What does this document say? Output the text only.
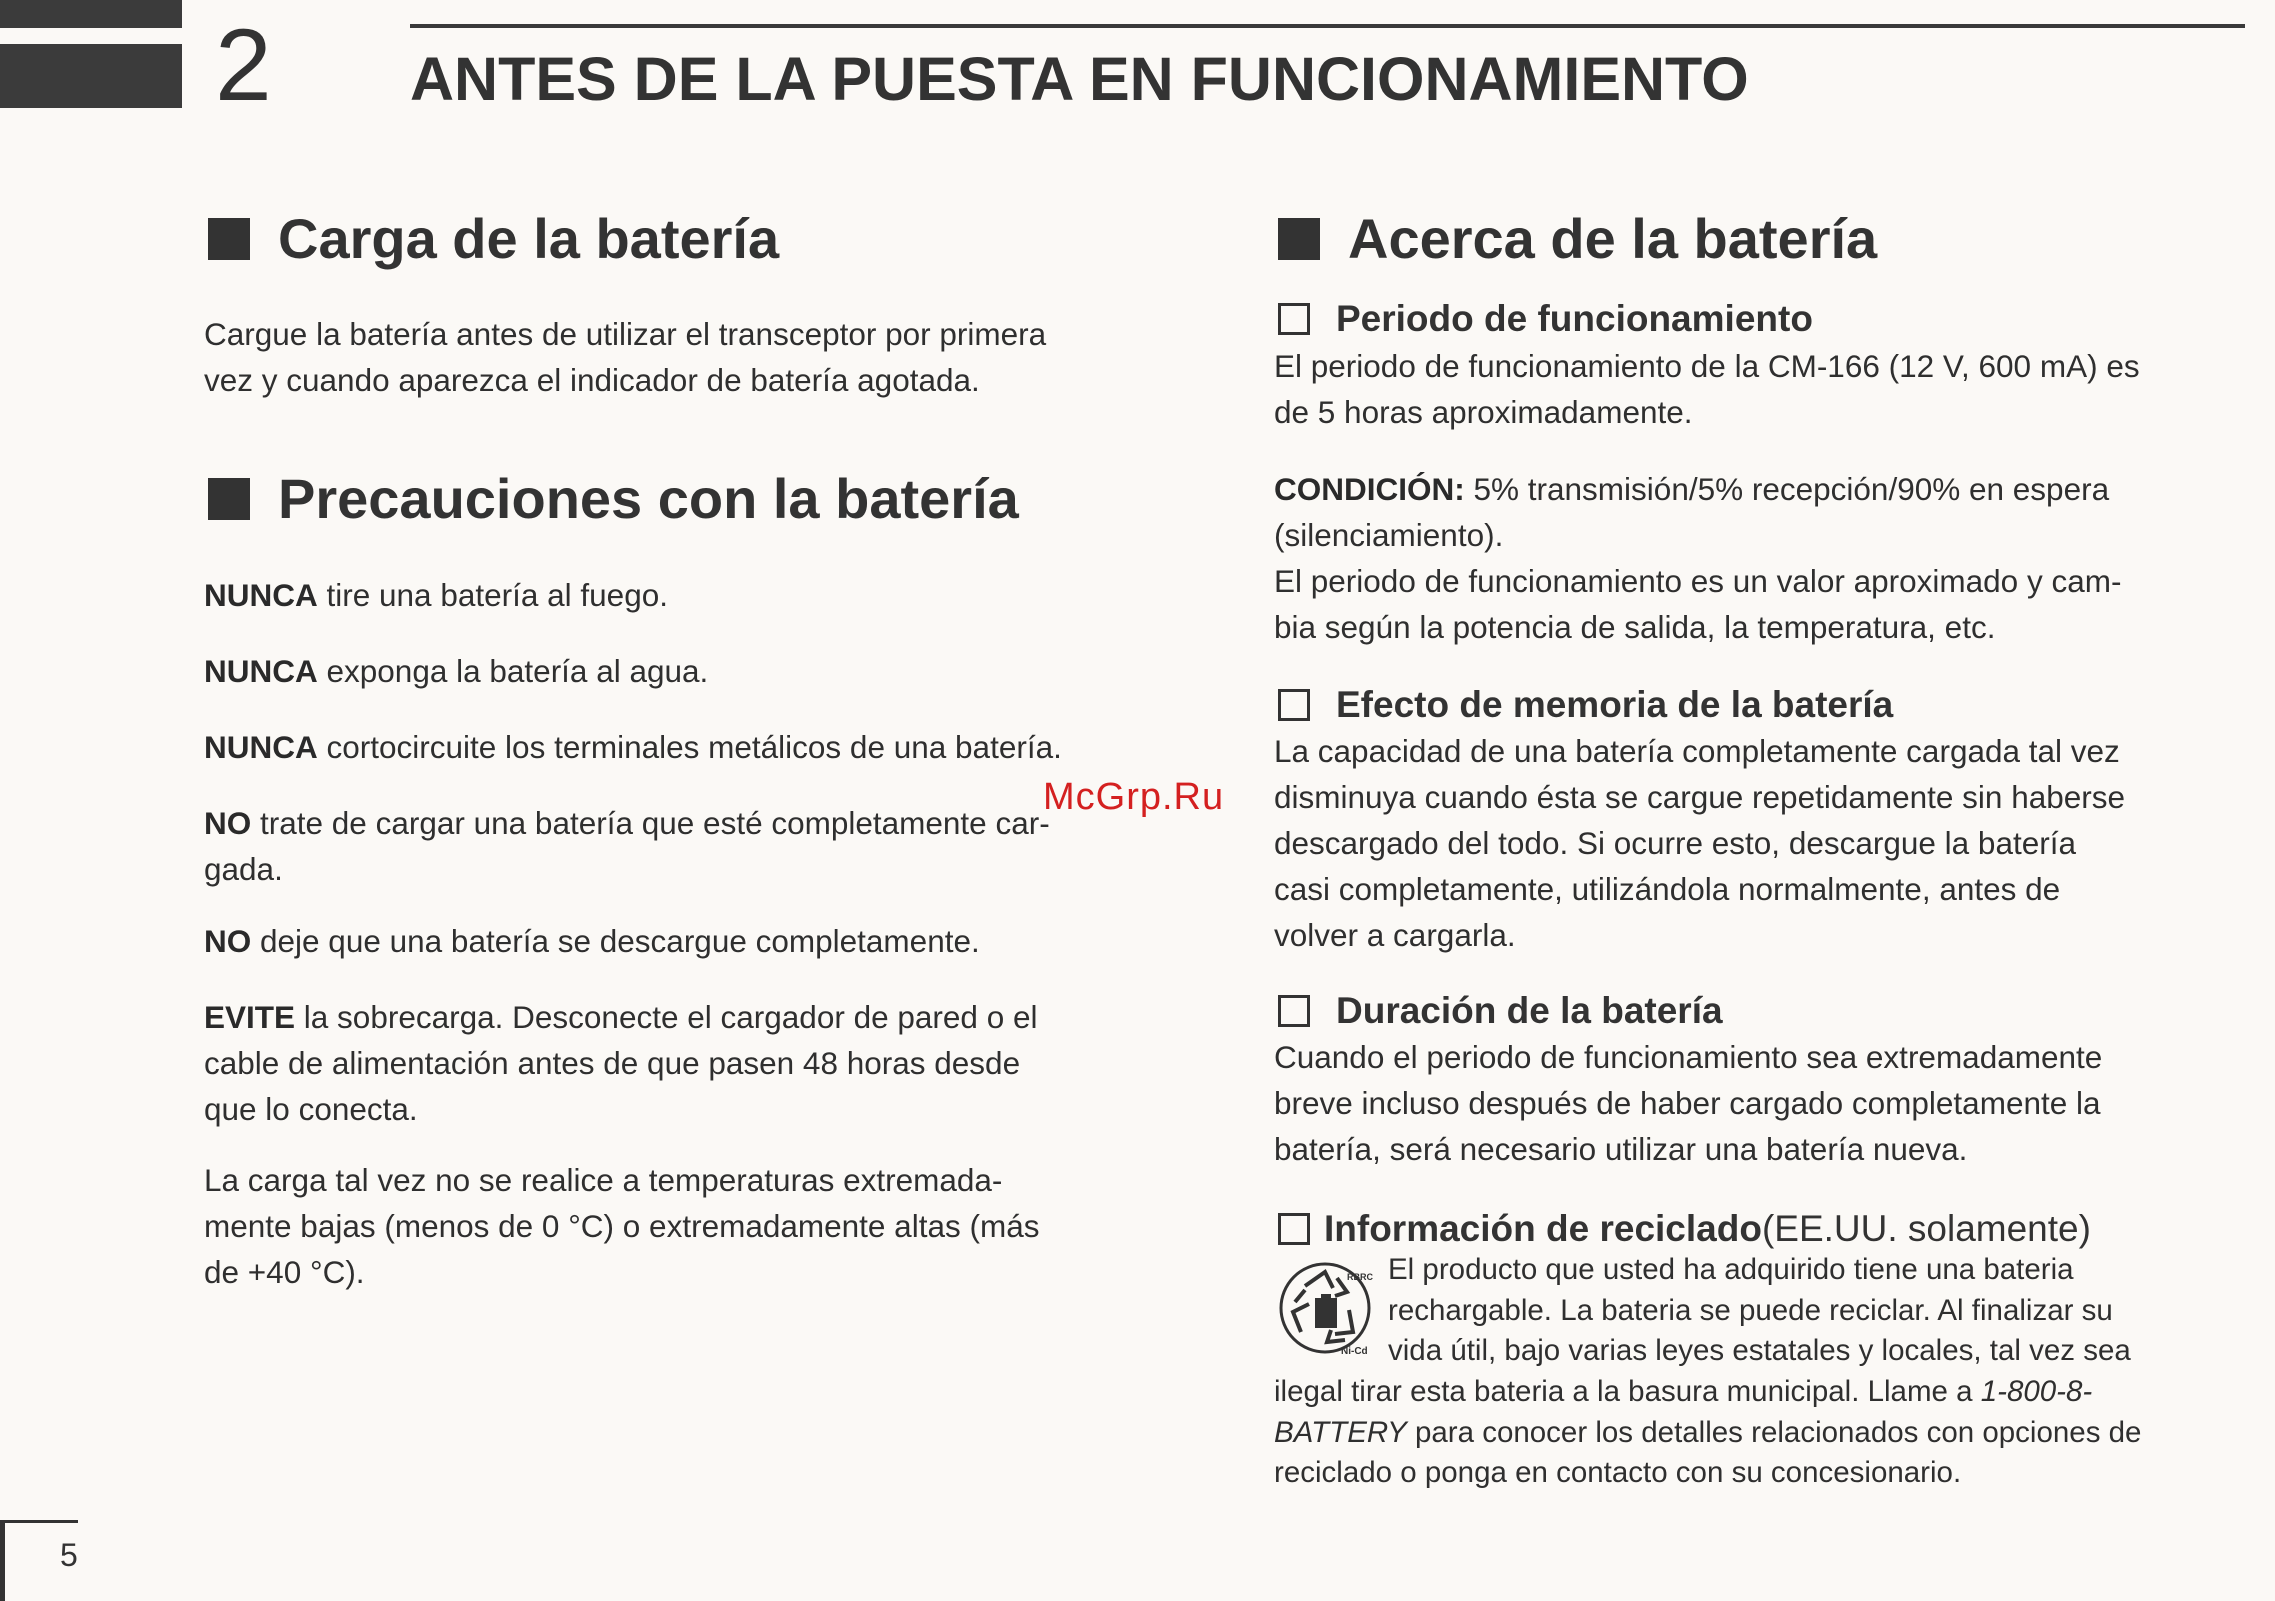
2 ANTES DE LA PUESTA EN FUNCIONAMIENTO
Carga de la batería
Cargue la batería antes de utilizar el transceptor por primera
vez y cuando aparezca el indicador de batería agotada.
Precauciones con la batería
NUNCA tire una batería al fuego.
NUNCA exponga la batería al agua.
NUNCA cortocircuite los terminales metálicos de una batería.
NO trate de cargar una batería que esté completamente car-
gada.
NO deje que una batería se descargue completamente.
EVITE la sobrecarga. Desconecte el cargador de pared o el
cable de alimentación antes de que pasen 48 horas desde
que lo conecta.
La carga tal vez no se realice a temperaturas extremada-
mente bajas (menos de 0 °C) o extremadamente altas (más
de +40 °C).
McGrp.Ru
Acerca de la batería
Periodo de funcionamiento
El periodo de funcionamiento de la CM-166 (12 V, 600 mA) es
de 5 horas aproximadamente.
CONDICIÓN: 5% transmisión/5% recepción/90% en espera
(silenciamiento).
El periodo de funcionamiento es un valor aproximado y cam-
bia según la potencia de salida, la temperatura, etc.
Efecto de memoria de la batería
La capacidad de una batería completamente cargada tal vez
disminuya cuando ésta se cargue repetidamente sin haberse
descargado del todo. Si ocurre esto, descargue la batería
casi completamente, utilizándola normalmente, antes de
volver a cargarla.
Duración de la batería
Cuando el periodo de funcionamiento sea extremadamente
breve incluso después de haber cargado completamente la
batería, será necesario utilizar una batería nueva.
Información de reciclado (EE.UU. solamente)
RBRC
Ni-Cd
El producto que usted ha adquirido tiene una bateria
rechargable. La bateria se puede reciclar. Al finalizar su
vida útil, bajo varias leyes estatales y locales, tal vez sea
ilegal tirar esta bateria a la basura municipal. Llame a 1-800-8-
BATTERY para conocer los detalles relacionados con opciones de
reciclado o ponga en contacto con su concesionario.
5
